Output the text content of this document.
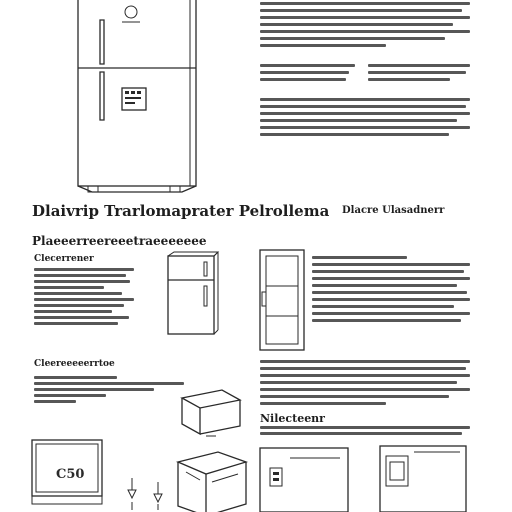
Dlaivrip Trarlomaprater Pelrollema Dlacre Ulasadnerr
Plaeeerreereeetraeeeeeee
Clecerrener
Cleereeeeerrtoe
Nilecteenr
C50
